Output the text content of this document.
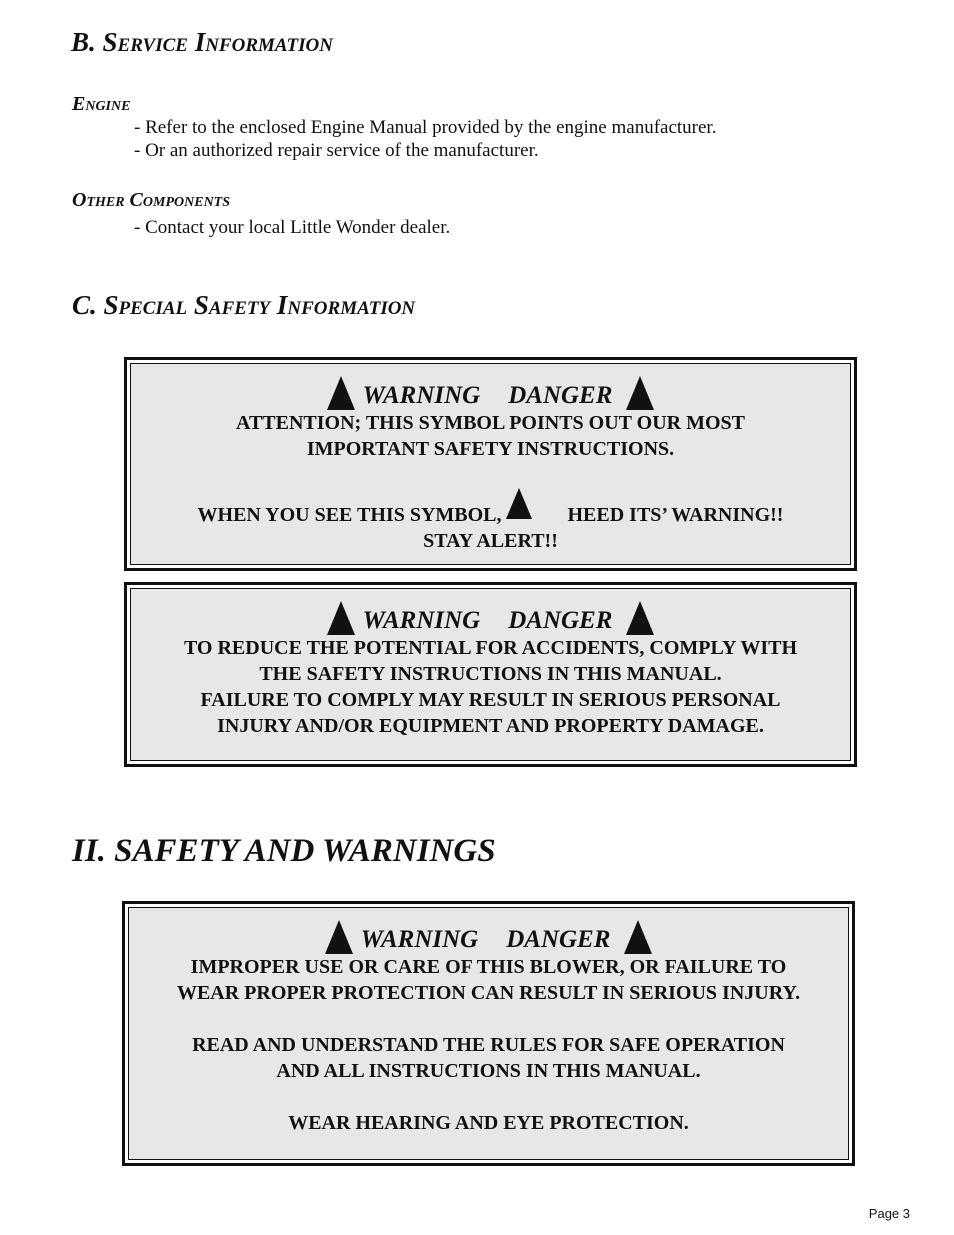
B. Service Information
Engine
- Refer to the enclosed Engine Manual provided by the engine manufacturer.
- Or an authorized repair service of the manufacturer.
Other Components
- Contact your local Little Wonder dealer.
C. Special Safety Information
WARNING DANGER
ATTENTION; THIS SYMBOL POINTS OUT OUR MOST
IMPORTANT SAFETY INSTRUCTIONS.
WHEN YOU SEE THIS SYMBOL,	HEED ITS’ WARNING!!
STAY ALERT!!
WARNING DANGER
TO REDUCE THE POTENTIAL FOR ACCIDENTS, COMPLY WITH
THE SAFETY INSTRUCTIONS IN THIS MANUAL.
FAILURE TO COMPLY MAY RESULT IN SERIOUS PERSONAL
INJURY AND/OR EQUIPMENT AND PROPERTY DAMAGE.
II. SAFETY AND WARNINGS
WARNING DANGER
IMPROPER USE OR CARE OF THIS BLOWER, OR FAILURE TO
WEAR PROPER PROTECTION CAN RESULT IN SERIOUS INJURY.
READ AND UNDERSTAND THE RULES FOR SAFE OPERATION
AND ALL INSTRUCTIONS IN THIS MANUAL.
WEAR HEARING AND EYE PROTECTION.
Page 3
